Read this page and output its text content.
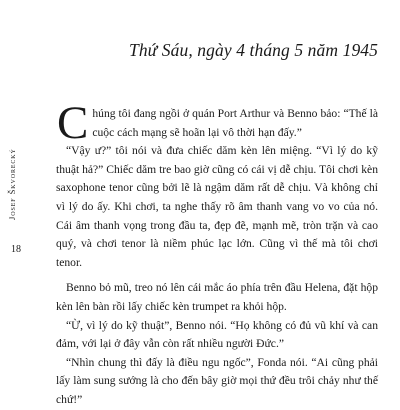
Thứ Sáu, ngày 4 tháng 5 năm 1945
Josef Škvorecký
18

Chúng tôi đang ngồi ở quán Port Arthur và Benno bảo: “Thế là cuộc cách mạng sẽ hoãn lại vô thời hạn đấy.”

“Vậy ư?” tôi nói và đưa chiếc dăm kèn lên miệng. “Vì lý do kỹ thuật hả?” Chiếc dăm tre bao giờ cũng có cái vị dễ chịu. Tôi chơi kèn saxophone tenor cũng bởi lẽ là ngậm dăm rất dễ chịu. Và không chỉ vì lý do ấy. Khi chơi, ta nghe thấy rõ âm thanh vang vo vo của nó. Cái âm thanh vọng trong đầu ta, đẹp đẽ, mạnh mẽ, tròn trặn và cao quý, và chơi tenor là niềm phúc lạc lớn. Cũng vì thế mà tôi chơi tenor.

Benno bỏ mũ, treo nó lên cái mắc áo phía trên đầu Helena, đặt hộp kèn lên bàn rồi lấy chiếc kèn trumpet ra khỏi hộp.

“Ừ, vì lý do kỹ thuật”, Benno nói. “Họ không có đủ vũ khí và can đảm, với lại ở đây vẫn còn rất nhiều người Đức.”

“Nhìn chung thì đấy là điều ngu ngốc”, Fonda nói. “Ai cũng phải lấy làm sung sướng là cho đến bây giờ mọi thứ đều trôi chảy như thế chứ!”
